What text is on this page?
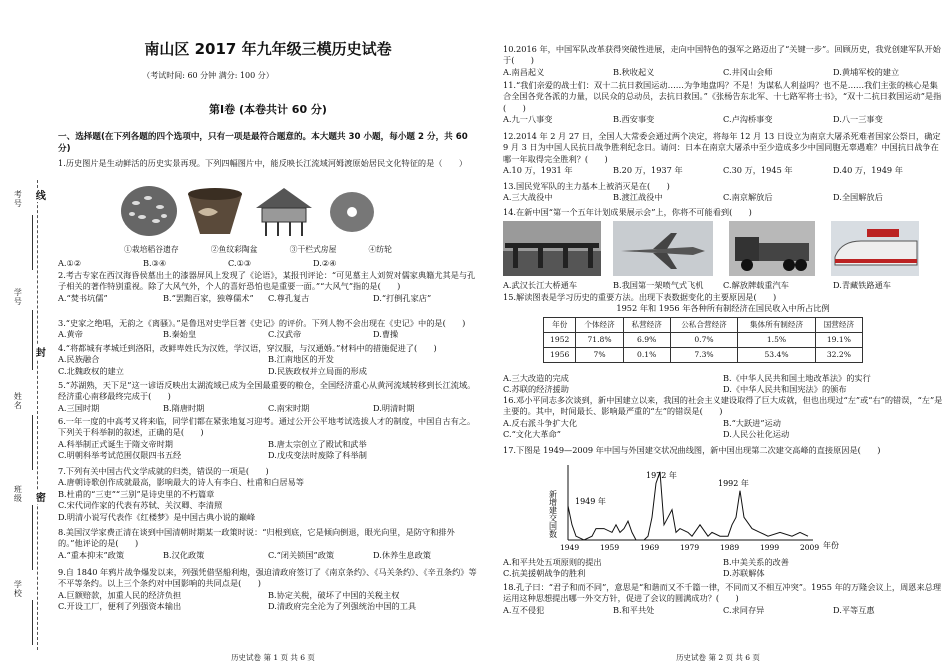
考号
学号
姓名
班级
学校
线
封
密
南山区 2017 年九年级三模历史试卷
（考试时间: 60 分钟 满分: 100 分）
第Ⅰ卷 (本卷共计 60 分)
一、选择题(在下列各题的四个选项中，只有一项是最符合题意的。本大题共 30 小题，每小题 2 分，共 60 分)
1.历史图片是生动鲜活的历史实景再现。下列四幅图片中，能反映长江流域河姆渡原始居民文化特征的是（　　）
①栽培稻谷遗存	②鱼纹彩陶盆	③干栏式房屋	④纺轮
A.①②	B.③④	C.①③	D.②④
2.考古专家在西汉海昏侯墓出土的漆器屏风上发现了《论语》，某报刊评论：“可见墓主人刘贺对儒家典籍尤其是与孔子相关的著作特别重视。除了大风气外，个人的喜好恐怕也是重要一面。”“大风气”指的是(　　)
A.“焚书坑儒”	B.“罢黜百家，独尊儒术”	C.尊孔复古	D.“打倒孔家店”
3.“史家之绝唱，无韵之《离骚》。”是鲁迅对史学巨著《史记》的评价。下列人物不会出现在《史记》中的是(　　)
A.黄帝	B.秦始皇	C.汉武帝	D.曹操
4.“将都城有孝城迁到洛阳，改鲜卑姓氏为汉姓，学汉语，穿汉服，与汉通婚。”材料中的措施促进了(　　)
A.民族融合	B.江南地区的开发
C.北魏政权的建立	D.民族政权并立局面的形成
5.“苏湖熟，天下足”这一谚语反映出太湖流域已成为全国最重要的粮仓，全国经济重心从黄河流域转移到长江流域。经济重心南移最终完成于(　　)
A.三国时期	B.隋唐时期	C.南宋时期	D.明清时期
6.一年一度的中高考又将来临，同学们都在紧张地复习迎考。通过公开公平地考试选拔人才的制度，中国自古有之。下列关于科举制的叙述，正确的是(　　)
A.科举制正式诞生于隋文帝时期	B.唐太宗创立了殿试和武举
C.明朝科举考试范围仅限四书五经	D.戊戌变法时废除了科举制
7.下列有关中国古代文学成就的归类，错误的一项是(　　)
A.唐朝诗歌创作成就最高，影响最大的诗人有李白、杜甫和白居易等
B.杜甫的“三吏”“三别”是诗史里的不朽篇章
C.宋代词作家的代表有苏轼、关汉卿、李清照
D.明清小说写代表作《红楼梦》是中国古典小说的巅峰
8.美国汉学家费正清在谈到中国清朝时期某一政策时说：“归根到底，它是倾向倒退，眼光向里，是防守和排外的。”他评论的是(　　)
A.“重本抑末”政策	B.汉化政策	C.“闭关锁国”政策	D.休养生息政策
9.自 1840 年鸦片战争爆发以来，列强凭借坚船利炮，强迫清政府签订了《南京条约》、《马关条约》、《辛丑条约》等不平等条约。以上三个条约对中国影响的共同点是(　　)
A.巨额赔款，加重人民的经济负担	B.协定关税，破坏了中国的关税主权
C.开设工厂，便利了列强资本输出	D.清政府完全沦为了列强统治中国的工具
历史试卷 第 1 页 共 6 页
10.2016 年，中国军队改革获得突破性进展，走向中国特色的强军之路迈出了“关键一步”。回顾历史，我党创建军队开始于(　　)
A.南昌起义	B.秋收起义	C.井冈山会师	D.黄埔军校的建立
11.“我们亲爱的战士们：双十二抗日救国运动……为争地盘吗？不是！为谋私人利益吗？也不是……我们主张的核心是集合全国各党各派的力量，以民众的总动员，去抗日救国。”《张杨告东北军、十七路军将士书》，“双十二抗日救国运动”是指(　　)
A.九一八事变	B.西安事变	C.卢沟桥事变	D.八一三事变
12.2014 年 2 月 27 日，全国人大常委会通过两个决定，将每年 12 月 13 日设立为南京大屠杀死难者国家公祭日，确定 9 月 3 日为中国人民抗日战争胜利纪念日。请问：日本在南京大屠杀中至少造成多少中国同胞无辜遇难？中国抗日战争在哪一年取得完全胜利？(　　)
A.10 万，1931 年	B.20 万，1937 年	C.30 万，1945 年	D.40 万，1949 年
13.国民党军队的主力基本上被消灭是在(　　)
A.三大战役中	B.渡江战役中	C.南京解放后	D.全国解放后
14.在新中国“第一个五年计划成果展示会”上，你将不可能看到(　　)
A.武汉长江大桥通车	B.我国第一架喷气式飞机	C.解放牌载重汽车	D.青藏铁路通车
15.解读图表是学习历史的重要方法。出现下表数据变化的主要原因是(　　)
1952 年和 1956 年各种所有制经济在国民收入中所占比例
年份	个体经济	私营经济	公私合营经济	集体所有制经济	国营经济
1952	71.8%	6.9%	0.7%	1.5%	19.1%
1956	7%	0.1%	7.3%	53.4%	32.2%
A.三大改造的完成	B.《中华人民共和国土地改革法》的实行
C.苏联的经济援助	D.《中华人民共和国宪法》的颁布
16.邓小平同志多次谈到，新中国建立以来，我国的社会主义建设取得了巨大成就，但也出现过“左”或“右”的错误，“左”是主要的。其中，时间最长、影响最严重的“左”的错误是(　　)
A.反右派斗争扩大化	B.“大跃进”运动
C.“文化大革命”	D.人民公社化运动
17.下图是 1949—2009 年中国与外国建交状况曲线图，新中国出现第二次建交高峰的直接原因是(　　)
新增建交国数
1949	1959	1969	1979	1989	1999	2009 年份
1949 年
1972 年
1992 年
A.和平共处五项原则的提出	B.中美关系的改善
C.抗美援朝战争的胜利	D.苏联解体
18.孔子曰：“君子和而不同”，意思是“和谐而又不千篇一律，不同而又不相互冲突”。1955 年的万隆会议上，周恩来总理运用这种思想提出哪一外交方针，促进了会议的圆满成功？(　　)
A.互不侵犯	B.和平共处	C.求同存异	D.平等互惠
历史试卷 第 2 页 共 6 页
